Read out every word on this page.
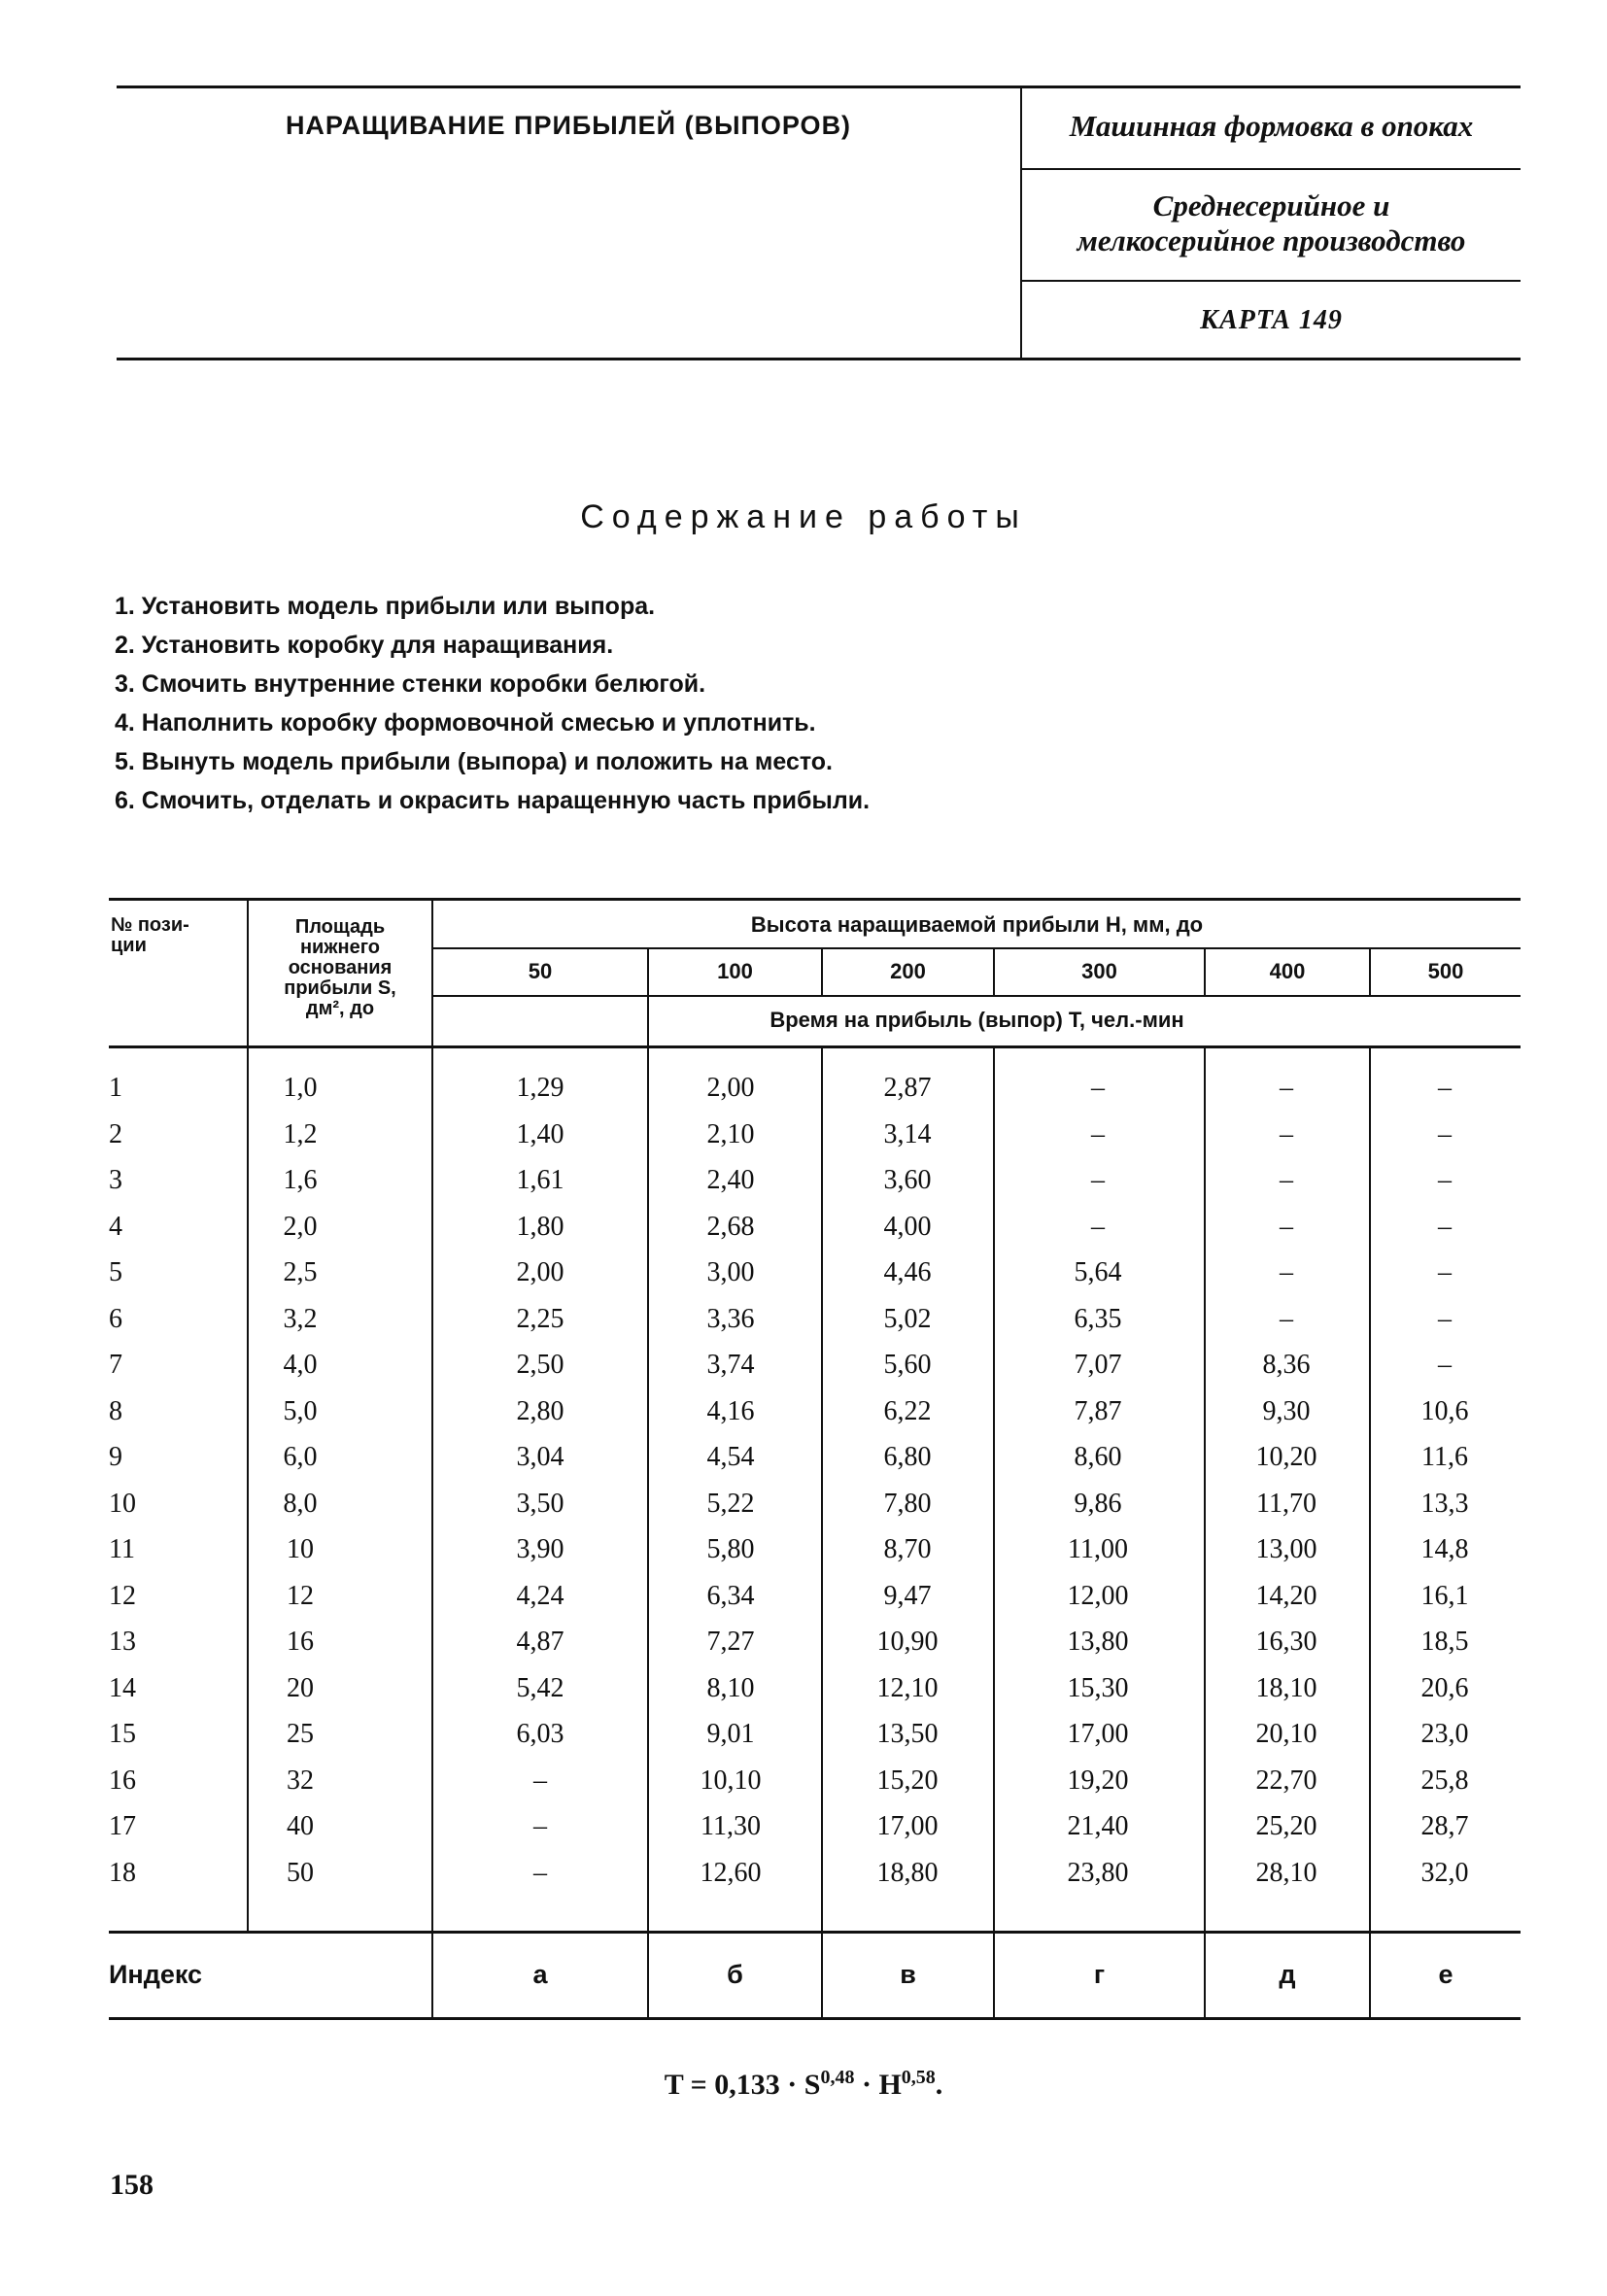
НАРАЩИВАНИЕ ПРИБЫЛЕЙ (ВЫПОРОВ)	Машинная формовка в опоках
Среднесерийное и
мелкосерийное производство
КАРТА 149
Содержание работы
1. Установить модель прибыли или выпора.
2. Установить коробку для наращивания.
3. Смочить внутренние стенки коробки белюгой.
4. Наполнить коробку формовочной смесью и уплотнить.
5. Вынуть модель прибыли (выпора) и положить на место.
6. Смочить, отделать и окрасить наращенную часть прибыли.
№ пози-
ции
Площадь
нижнего
основания
прибыли S,
дм², до
Высота наращиваемой прибыли H, мм, до
50	100	200	300	400	500
Время на прибыль (выпор) T, чел.-мин
Индекс	а	б	в	г	д	е
1	1,0	1,29	2,00	2,87	–	–	–
2	1,2	1,40	2,10	3,14	–	–	–
3	1,6	1,61	2,40	3,60	–	–	–
4	2,0	1,80	2,68	4,00	–	–	–
5	2,5	2,00	3,00	4,46	5,64	–	–
6	3,2	2,25	3,36	5,02	6,35	–	–
7	4,0	2,50	3,74	5,60	7,07	8,36	–
8	5,0	2,80	4,16	6,22	7,87	9,30	10,6
9	6,0	3,04	4,54	6,80	8,60	10,20	11,6
10	8,0	3,50	5,22	7,80	9,86	11,70	13,3
11	10	3,90	5,80	8,70	11,00	13,00	14,8
12	12	4,24	6,34	9,47	12,00	14,20	16,1
13	16	4,87	7,27	10,90	13,80	16,30	18,5
14	20	5,42	8,10	12,10	15,30	18,10	20,6
15	25	6,03	9,01	13,50	17,00	20,10	23,0
16	32	–	10,10	15,20	19,20	22,70	25,8
17	40	–	11,30	17,00	21,40	25,20	28,7
18	50	–	12,60	18,80	23,80	28,10	32,0
T = 0,133 · S$^{0,48}$ · H$^{0,58}$.
158
